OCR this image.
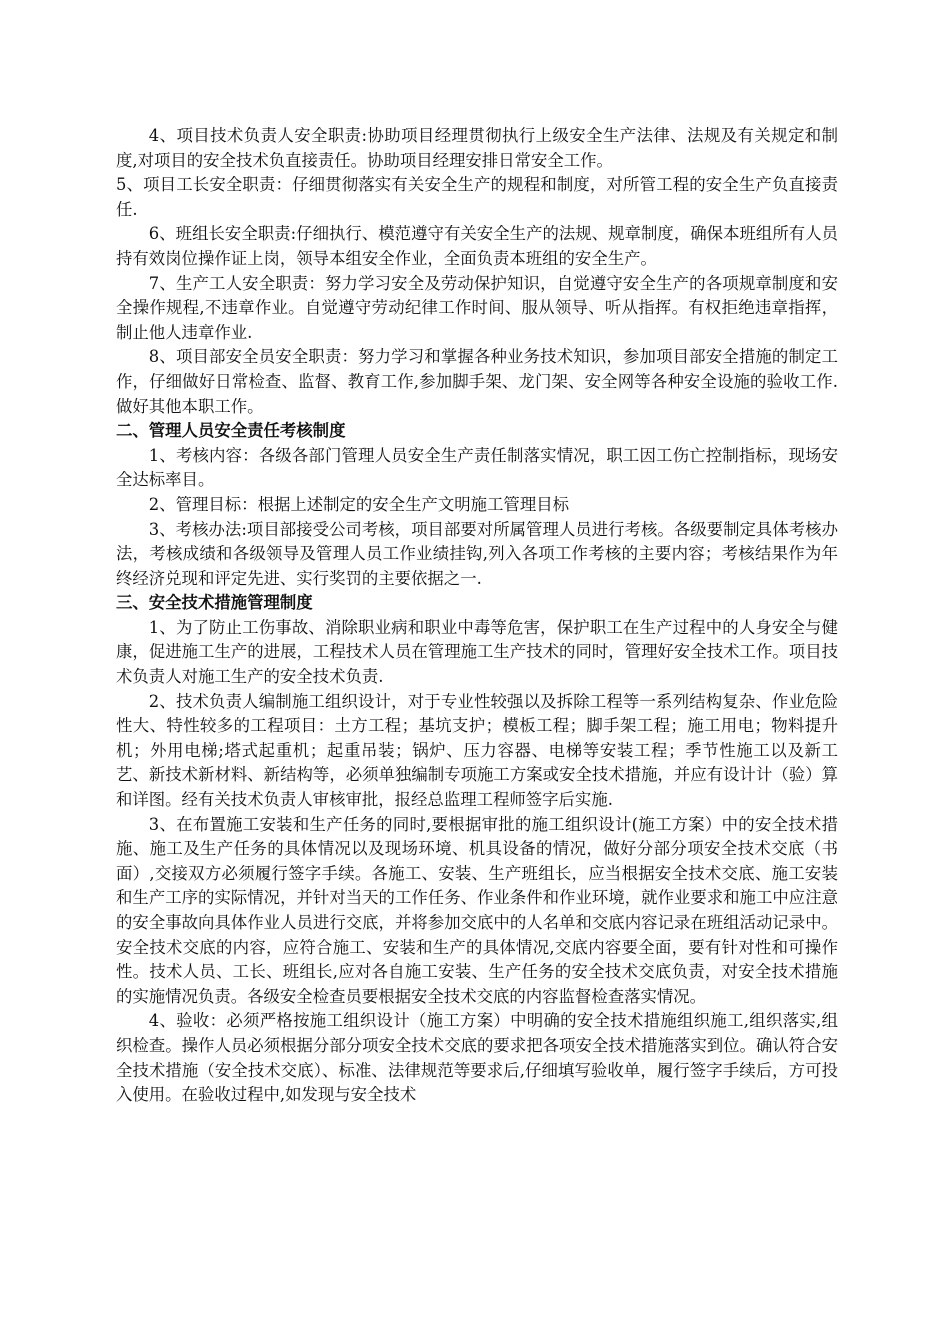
4、项目技术负责人安全职责:协助项目经理贯彻执行上级安全生产法律、法规及有关规定和制度,对项目的安全技术负直接责任。协助项目经理安排日常安全工作。

5、项目工长安全职责：仔细贯彻落实有关安全生产的规程和制度，对所管工程的安全生产负直接责任.

6、班组长安全职责:仔细执行、模范遵守有关安全生产的法规、规章制度，确保本班组所有人员持有效岗位操作证上岗，领导本组安全作业，全面负责本班组的安全生产。

7、生产工人安全职责：努力学习安全及劳动保护知识，自觉遵守安全生产的各项规章制度和安全操作规程,不违章作业。自觉遵守劳动纪律工作时间、服从领导、听从指挥。有权拒绝违章指挥，制止他人违章作业.

8、项目部安全员安全职责：努力学习和掌握各种业务技术知识，参加项目部安全措施的制定工作，仔细做好日常检查、监督、教育工作,参加脚手架、龙门架、安全网等各种安全设施的验收工作.做好其他本职工作。

二、管理人员安全责任考核制度

1、考核内容：各级各部门管理人员安全生产责任制落实情况，职工因工伤亡控制指标，现场安全达标率目。

2、管理目标：根据上述制定的安全生产文明施工管理目标

3、考核办法:项目部接受公司考核，项目部要对所属管理人员进行考核。各级要制定具体考核办法，考核成绩和各级领导及管理人员工作业绩挂钩,列入各项工作考核的主要内容；考核结果作为年终经济兑现和评定先进、实行奖罚的主要依据之一.

三、安全技术措施管理制度

1、为了防止工伤事故、消除职业病和职业中毒等危害，保护职工在生产过程中的人身安全与健康，促进施工生产的进展，工程技术人员在管理施工生产技术的同时，管理好安全技术工作。项目技术负责人对施工生产的安全技术负责.

2、技术负责人编制施工组织设计，对于专业性较强以及拆除工程等一系列结构复杂、作业危险性大、特性较多的工程项目：土方工程；基坑支护；模板工程；脚手架工程；施工用电；物料提升机；外用电梯;塔式起重机；起重吊装；锅炉、压力容器、电梯等安装工程；季节性施工以及新工艺、新技术新材料、新结构等，必须单独编制专项施工方案或安全技术措施，并应有设计计（验）算和详图。经有关技术负责人审核审批，报经总监理工程师签字后实施.

3、在布置施工安装和生产任务的同时,要根据审批的施工组织设计(施工方案）中的安全技术措施、施工及生产任务的具体情况以及现场环境、机具设备的情况，做好分部分项安全技术交底（书面）,交接双方必须履行签字手续。各施工、安装、生产班组长，应当根据安全技术交底、施工安装和生产工序的实际情况，并针对当天的工作任务、作业条件和作业环境，就作业要求和施工中应注意的安全事故向具体作业人员进行交底，并将参加交底中的人名单和交底内容记录在班组活动记录中。安全技术交底的内容，应符合施工、安装和生产的具体情况,交底内容要全面，要有针对性和可操作性。技术人员、工长、班组长,应对各自施工安装、生产任务的安全技术交底负责，对安全技术措施的实施情况负责。各级安全检查员要根据安全技术交底的内容监督检查落实情况。

4、验收：必须严格按施工组织设计（施工方案）中明确的安全技术措施组织施工,组织落实,组织检查。操作人员必须根据分部分项安全技术交底的要求把各项安全技术措施落实到位。确认符合安全技术措施（安全技术交底）、标准、法律规范等要求后,仔细填写验收单，履行签字手续后，方可投入使用。在验收过程中,如发现与安全技术
